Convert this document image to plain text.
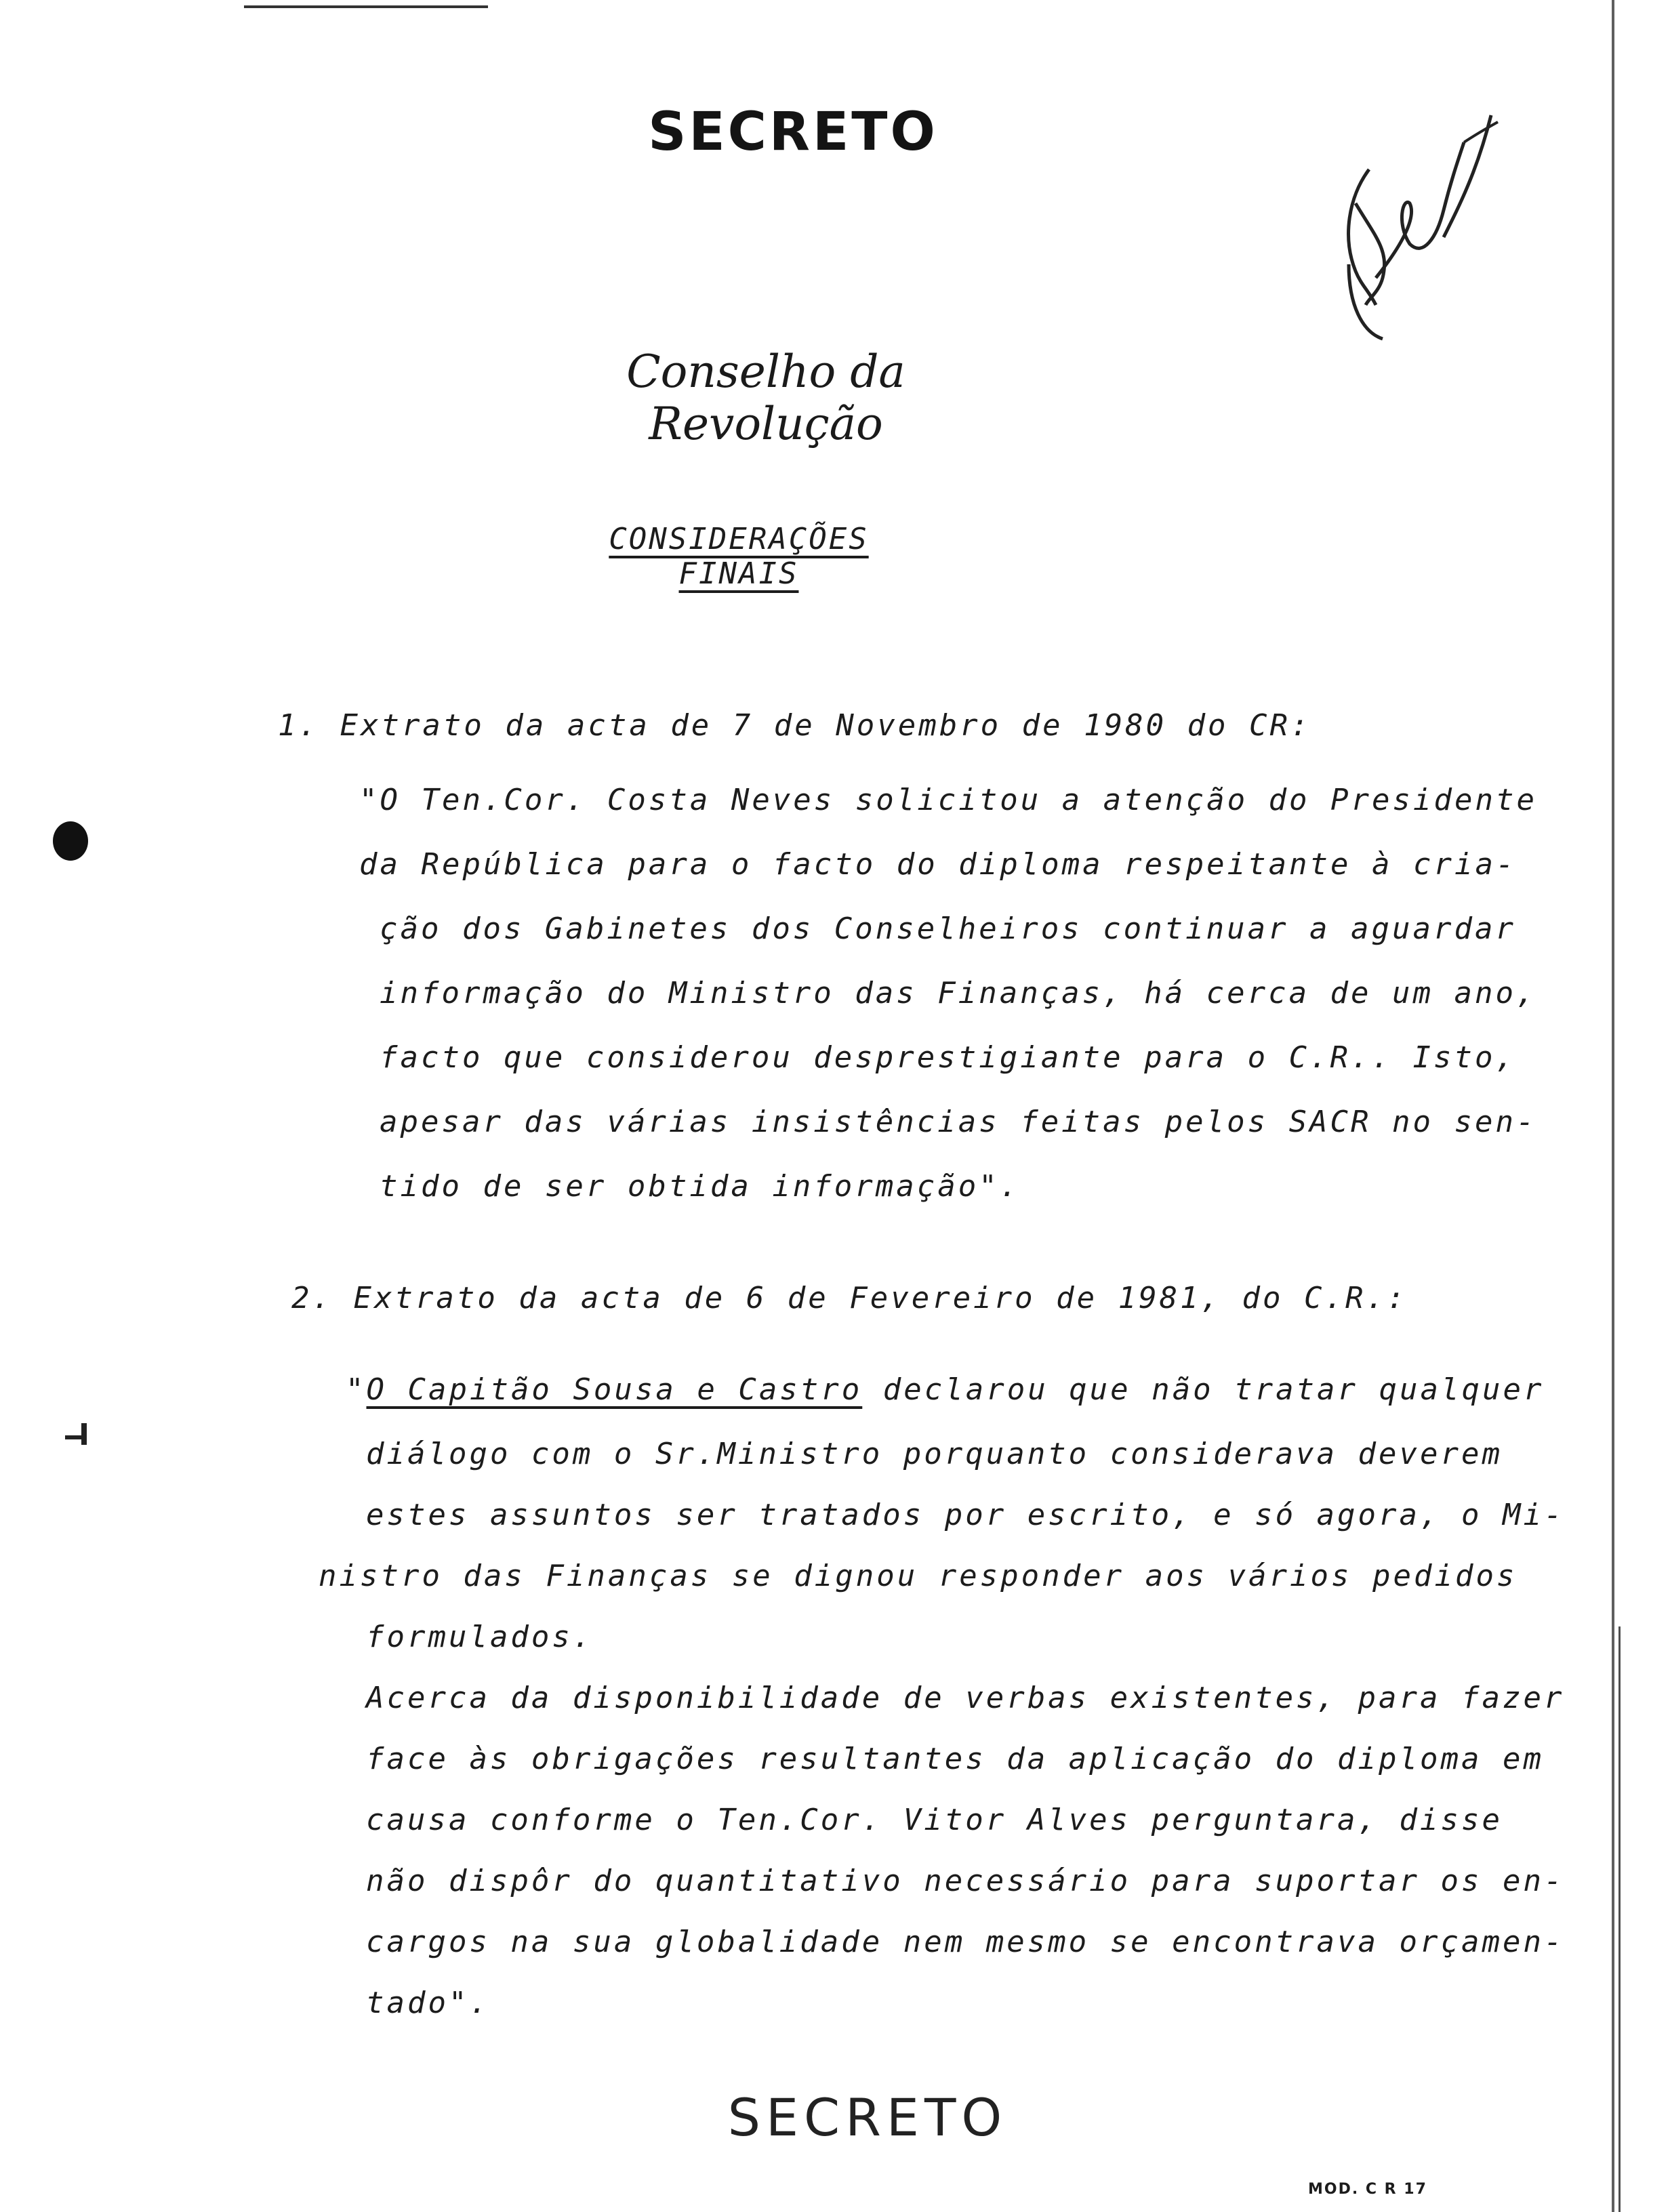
SECRETO
Conselho da Revolução
CONSIDERAÇÕES FINAIS
1. Extrato da acta de 7 de Novembro de 1980 do CR:
"O Ten.Cor. Costa Neves solicitou a atenção do Presidente
da República para o facto do diploma respeitante à cria-
ção dos Gabinetes dos Conselheiros continuar a aguardar
informação do Ministro das Finanças, há cerca de um ano,
facto que considerou desprestigiante para o C.R.. Isto,
apesar das várias insistências feitas pelos SACR no sen-
tido de ser obtida informação".
2. Extrato da acta de 6 de Fevereiro de 1981, do C.R.:
"O Capitão Sousa e Castro declarou que não tratar qualquer
diálogo com o Sr.Ministro porquanto considerava deverem
estes assuntos ser tratados por escrito, e só agora, o Mi-
nistro das Finanças se dignou responder aos vários pedidos
formulados.
Acerca da disponibilidade de verbas existentes, para fazer
face às obrigações resultantes da aplicação do diploma em
causa conforme o Ten.Cor. Vitor Alves perguntara, disse
não dispôr do quantitativo necessário para suportar os en-
cargos na sua globalidade nem mesmo se encontrava orçamen-
tado".
SECRETO
MOD. C R 17
